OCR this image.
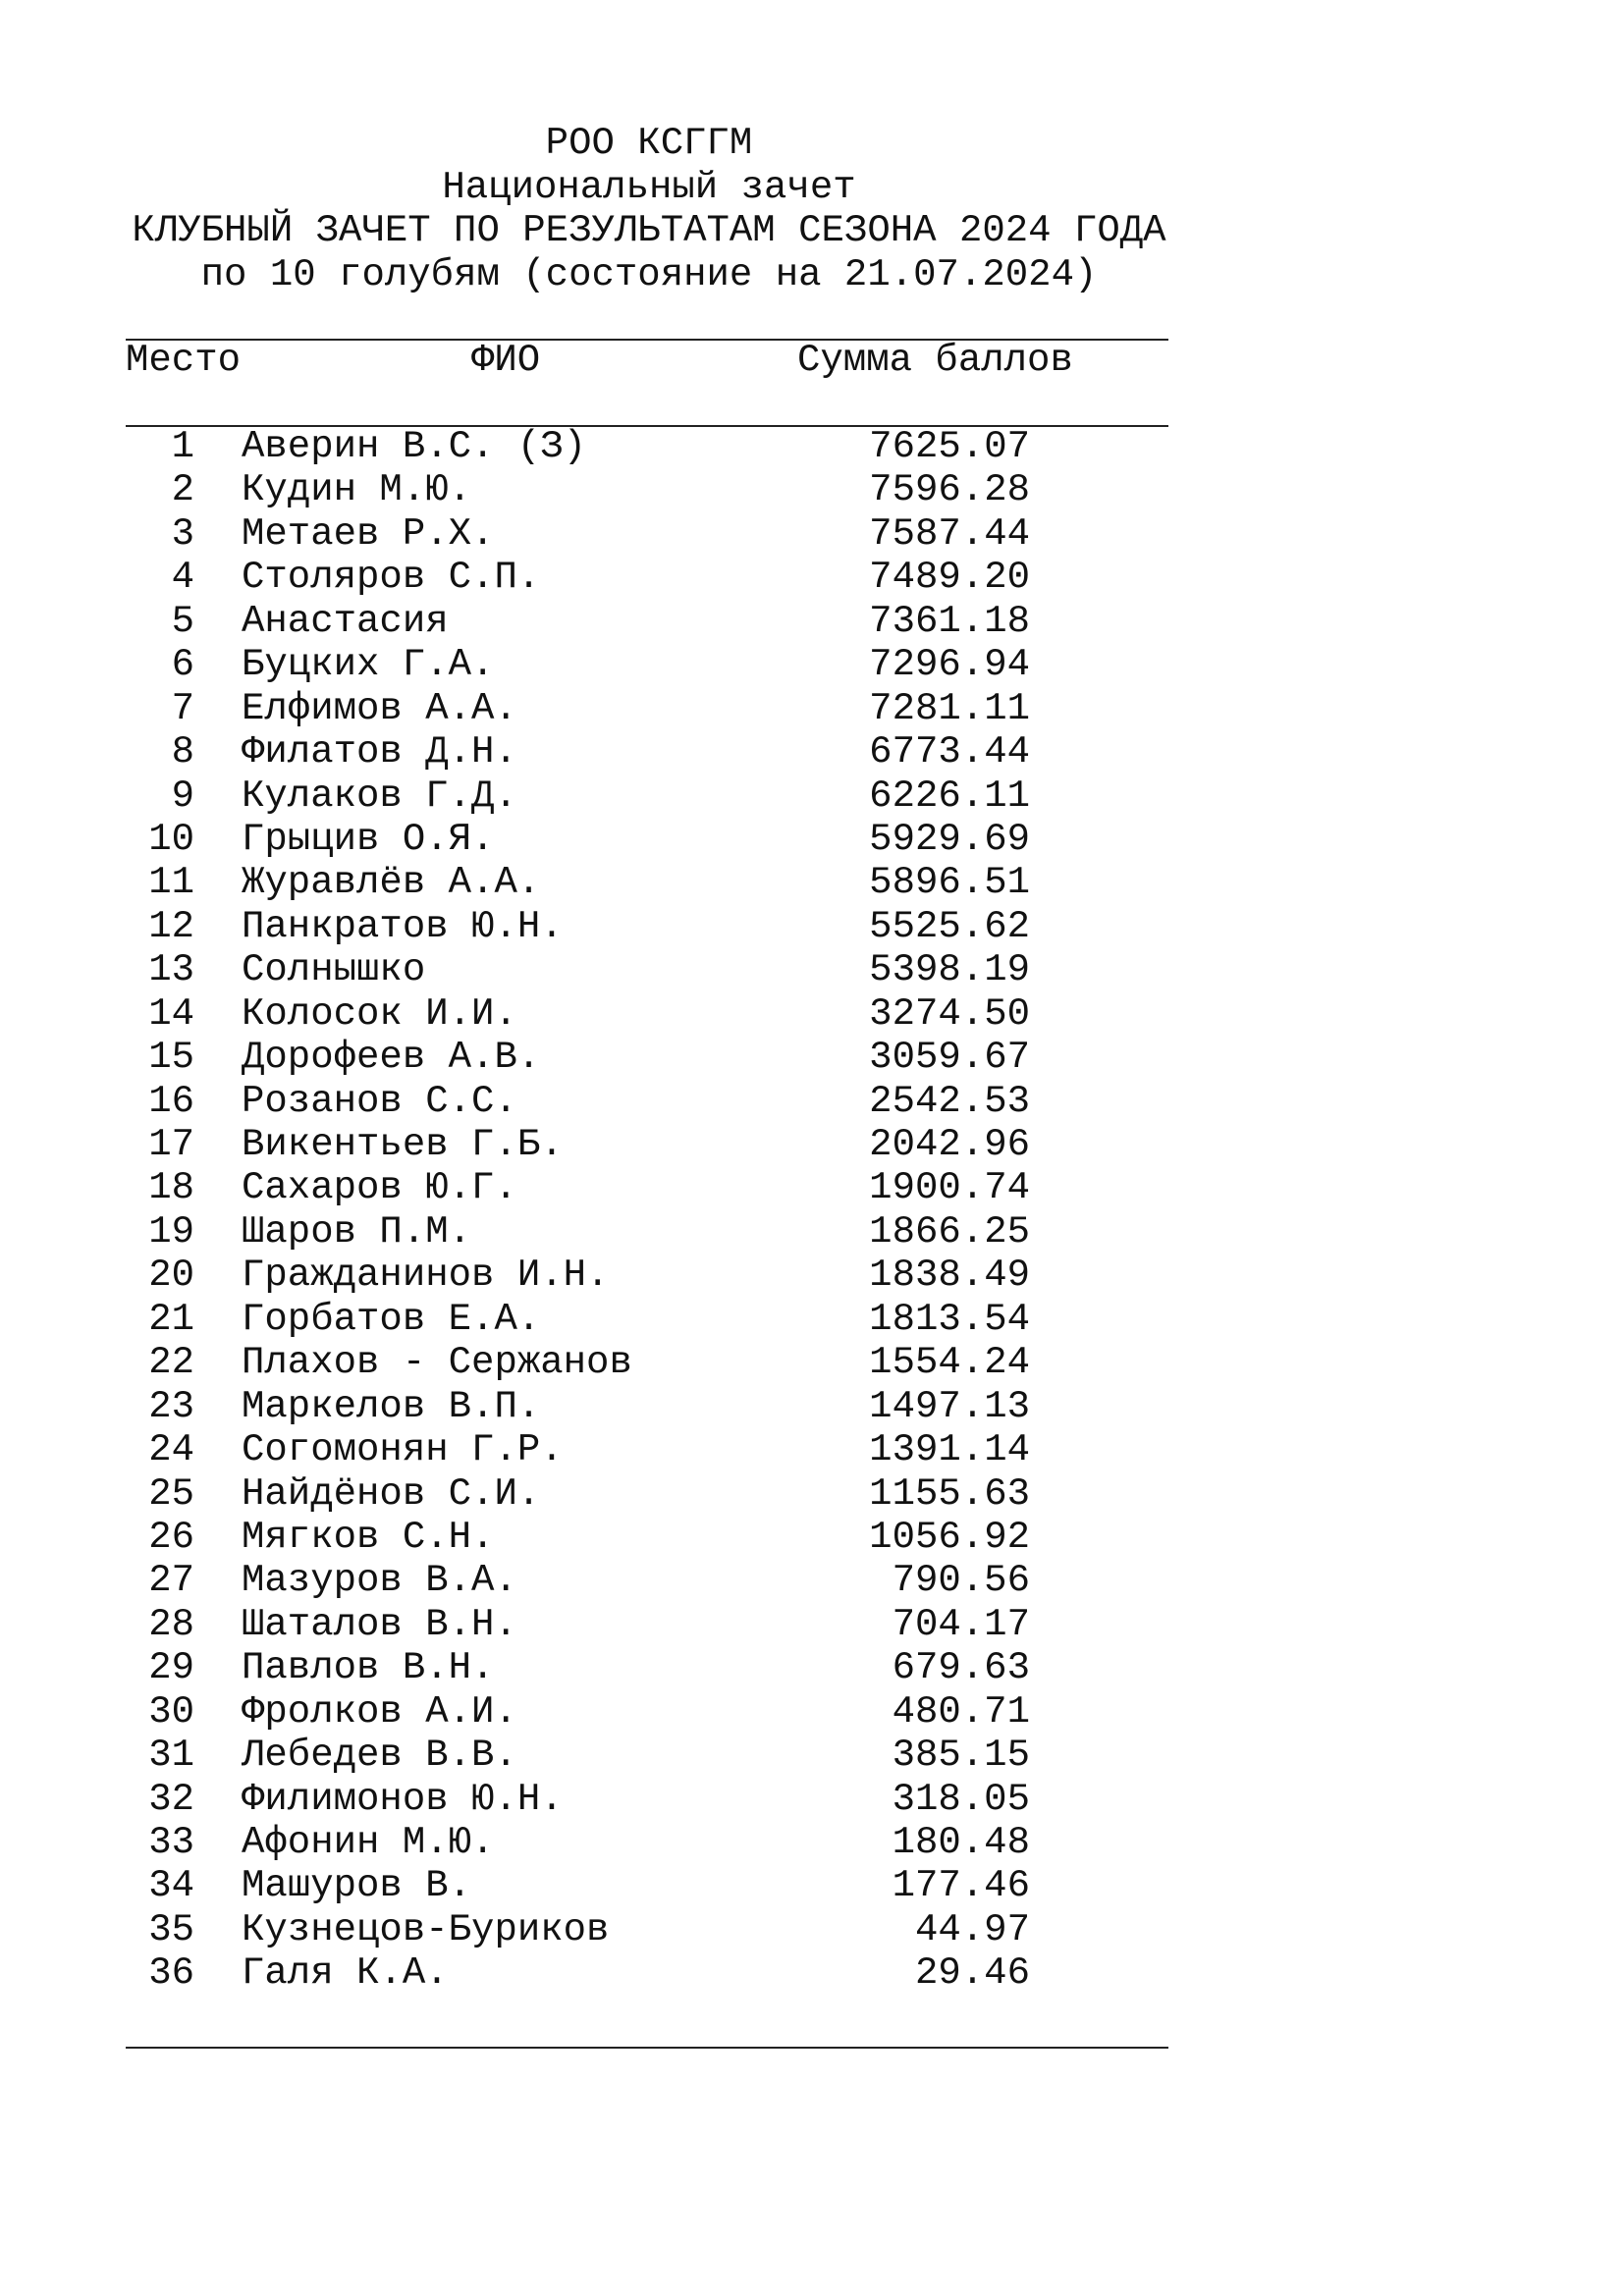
РОО КСГГМ
Национальный зачет
КЛУБНЫЙ ЗАЧЕТ ПО РЕЗУЛЬТАТАМ СЕЗОНА 2024 ГОДА
по 10 голубям (состояние на 21.07.2024)
Место	ФИО	Сумма баллов
1 Аверин В.С. (З)	7625.07
2 Кудин М.Ю.	7596.28
3 Метаев Р.Х.	7587.44
4 Столяров С.П.	7489.20
5 Анастасия	7361.18
6 Буцких Г.А.	7296.94
7 Елфимов А.А.	7281.11
8 Филатов Д.Н.	6773.44
9 Кулаков Г.Д.	6226.11
10 Грыцив О.Я.	5929.69
11 Журавлёв А.А.	5896.51
12 Панкратов Ю.Н.	5525.62
13 Солнышко	5398.19
14 Колосок И.И.	3274.50
15 Дорофеев А.В.	3059.67
16 Розанов С.С.	2542.53
17 Викентьев Г.Б.	2042.96
18 Сахаров Ю.Г.	1900.74
19 Шаров П.М.	1866.25
20 Гражданинов И.Н.	1838.49
21 Горбатов Е.А.	1813.54
22 Плахов - Сержанов	1554.24
23 Маркелов В.П.	1497.13
24 Согомонян Г.Р.	1391.14
25 Найдёнов С.И.	1155.63
26 Мягков С.Н.	1056.92
27 Мазуров В.А.	790.56
28 Шаталов В.Н.	704.17
29 Павлов В.Н.	679.63
30 Фролков А.И.	480.71
31 Лебедев В.В.	385.15
32 Филимонов Ю.Н.	318.05
33 Афонин М.Ю.	180.48
34 Машуров В.	177.46
35 Кузнецов-Буриков	44.97
36 Галя К.А.	29.46
